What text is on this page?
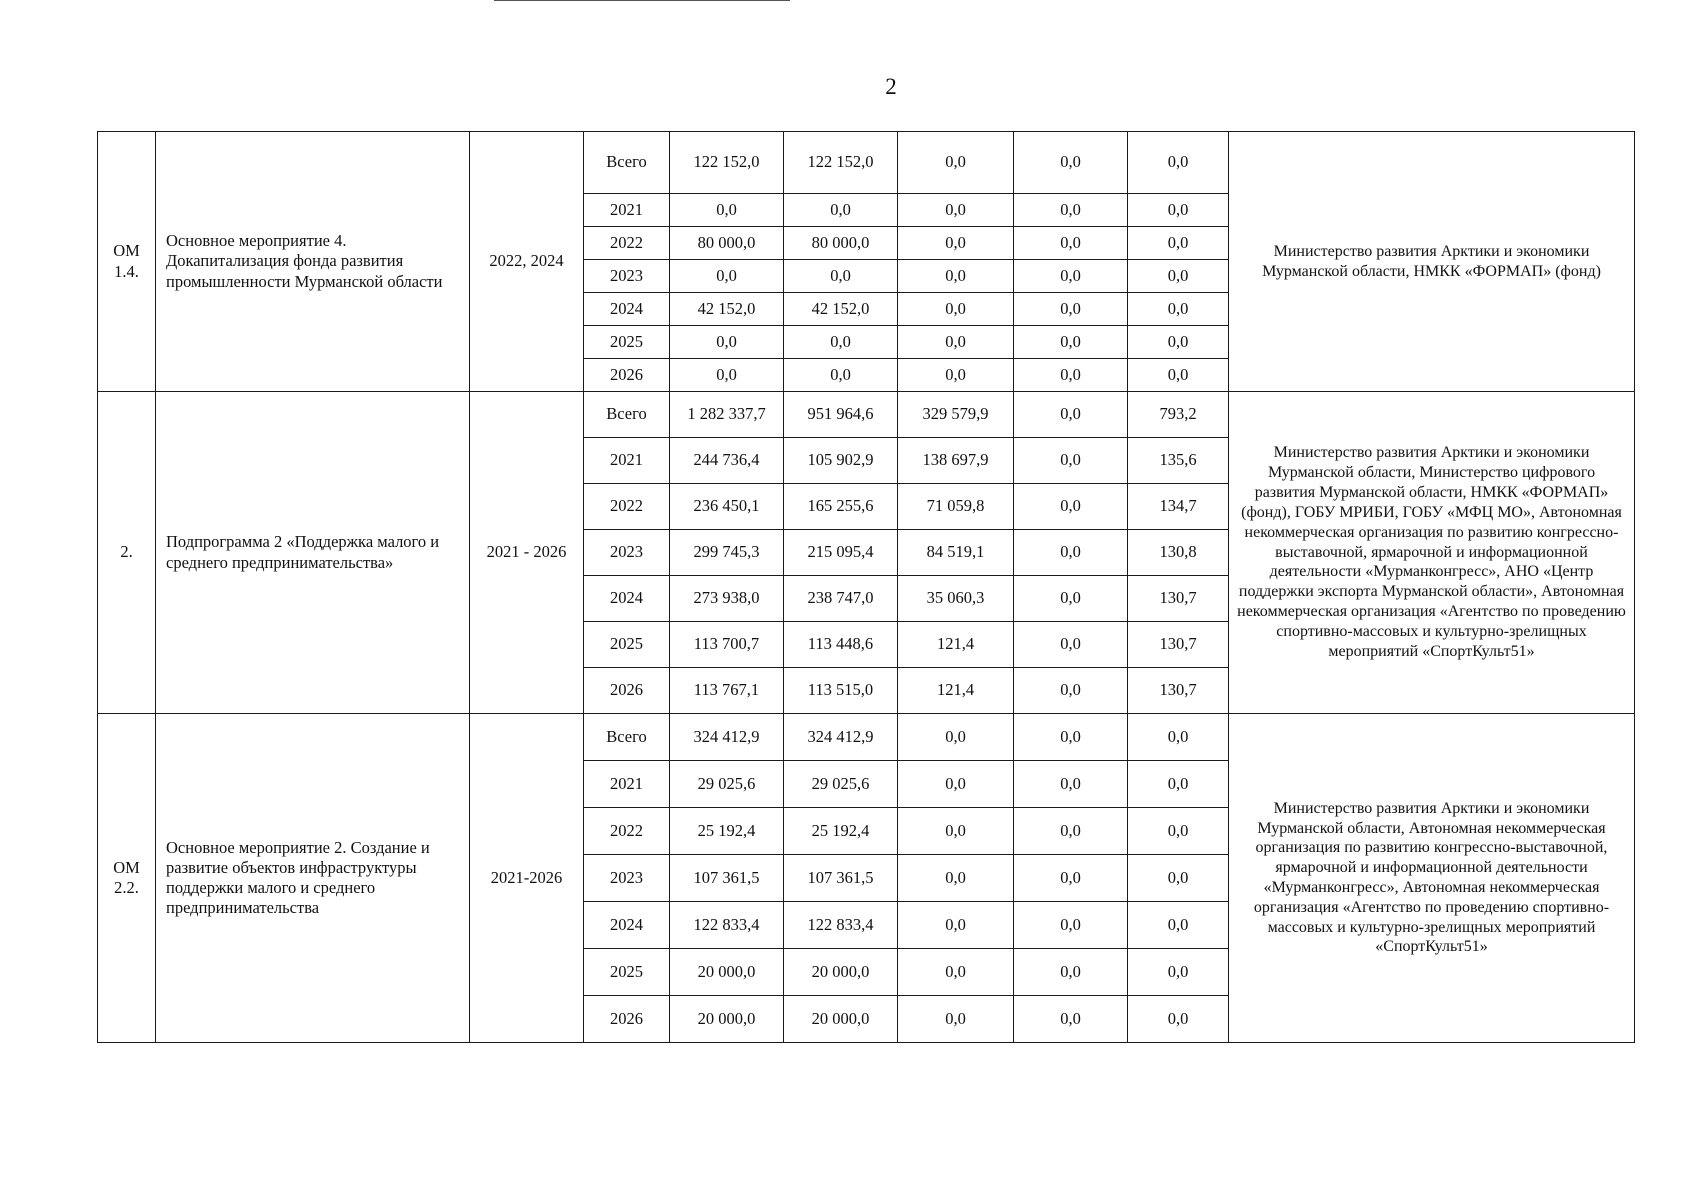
2
ОМ 1.4.	Основное мероприятие 4. Докапитализация фонда развития промышленности Мурманской области	2022, 2024	Всего	122 152,0	122 152,0	0,0	0,0	0,0	Министерство развития Арктики и экономики Мурманской области, НМКК «ФОРМАП» (фонд)
			2021	0,0	0,0	0,0	0,0	0,0	
			2022	80 000,0	80 000,0	0,0	0,0	0,0	
			2023	0,0	0,0	0,0	0,0	0,0	
			2024	42 152,0	42 152,0	0,0	0,0	0,0	
			2025	0,0	0,0	0,0	0,0	0,0	
			2026	0,0	0,0	0,0	0,0	0,0	
2.	Подпрограмма 2 «Поддержка малого и среднего предпринимательства»	2021 - 2026	Всего	1 282 337,7	951 964,6	329 579,9	0,0	793,2	Министерство развития Арктики и экономики Мурманской области, Министерство цифрового развития Мурманской области, НМКК «ФОРМАП» (фонд), ГОБУ МРИБИ, ГОБУ «МФЦ МО», Автономная некоммерческая организация по развитию конгрессно-выставочной, ярмарочной и информационной деятельности «Мурманконгресс», АНО «Центр поддержки экспорта Мурманской области», Автономная некоммерческая организация «Агентство по проведению спортивно-массовых и культурно-зрелищных мероприятий «СпортКульт51»
			2021	244 736,4	105 902,9	138 697,9	0,0	135,6	
			2022	236 450,1	165 255,6	71 059,8	0,0	134,7	
			2023	299 745,3	215 095,4	84 519,1	0,0	130,8	
			2024	273 938,0	238 747,0	35 060,3	0,0	130,7	
			2025	113 700,7	113 448,6	121,4	0,0	130,7	
			2026	113 767,1	113 515,0	121,4	0,0	130,7	
ОМ 2.2.	Основное мероприятие 2. Создание и развитие объектов инфраструктуры поддержки малого и среднего предпринимательства	2021-2026	Всего	324 412,9	324 412,9	0,0	0,0	0,0	Министерство развития Арктики и экономики Мурманской области, Автономная некоммерческая организация по развитию конгрессно-выставочной, ярмарочной и информационной деятельности «Мурманконгресс», Автономная некоммерческая организация «Агентство по проведению спортивно-массовых и культурно-зрелищных мероприятий «СпортКульт51»
			2021	29 025,6	29 025,6	0,0	0,0	0,0	
			2022	25 192,4	25 192,4	0,0	0,0	0,0	
			2023	107 361,5	107 361,5	0,0	0,0	0,0	
			2024	122 833,4	122 833,4	0,0	0,0	0,0	
			2025	20 000,0	20 000,0	0,0	0,0	0,0	
			2026	20 000,0	20 000,0	0,0	0,0	0,0	
